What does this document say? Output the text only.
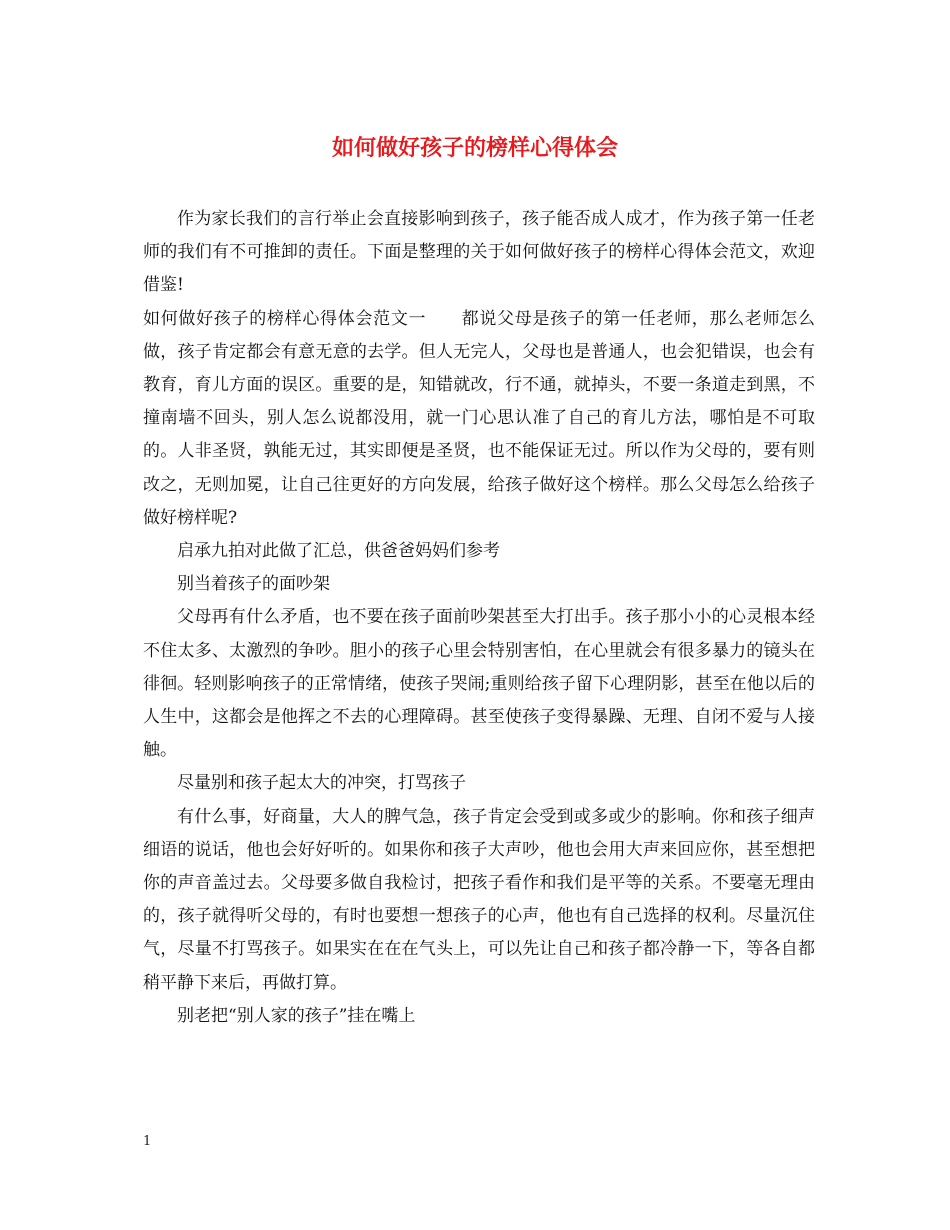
如何做好孩子的榜样心得体会

作为家长我们的言行举止会直接影响到孩子，孩子能否成人成才，作为孩子第一任老师的我们有不可推卸的责任。下面是整理的关于如何做好孩子的榜样心得体会范文，欢迎借鉴!

如何做好孩子的榜样心得体会范文一　　都说父母是孩子的第一任老师，那么老师怎么做，孩子肯定都会有意无意的去学。但人无完人，父母也是普通人，也会犯错误，也会有教育，育儿方面的误区。重要的是，知错就改，行不通，就掉头，不要一条道走到黑，不撞南墙不回头，别人怎么说都没用，就一门心思认准了自己的育儿方法，哪怕是不可取的。人非圣贤，孰能无过，其实即便是圣贤，也不能保证无过。所以作为父母的，要有则改之，无则加冕，让自己往更好的方向发展，给孩子做好这个榜样。那么父母怎么给孩子做好榜样呢?

启承九拍对此做了汇总，供爸爸妈妈们参考

别当着孩子的面吵架

父母再有什么矛盾，也不要在孩子面前吵架甚至大打出手。孩子那小小的心灵根本经不住太多、太激烈的争吵。胆小的孩子心里会特别害怕，在心里就会有很多暴力的镜头在徘徊。轻则影响孩子的正常情绪，使孩子哭闹;重则给孩子留下心理阴影，甚至在他以后的人生中，这都会是他挥之不去的心理障碍。甚至使孩子变得暴躁、无理、自闭不爱与人接触。

尽量别和孩子起太大的冲突，打骂孩子

有什么事，好商量，大人的脾气急，孩子肯定会受到或多或少的影响。你和孩子细声细语的说话，他也会好好听的。如果你和孩子大声吵，他也会用大声来回应你，甚至想把你的声音盖过去。父母要多做自我检讨，把孩子看作和我们是平等的关系。不要毫无理由的，孩子就得听父母的，有时也要想一想孩子的心声，他也有自己选择的权利。尽量沉住气，尽量不打骂孩子。如果实在在在气头上，可以先让自己和孩子都冷静一下，等各自都稍平静下来后，再做打算。

别老把“别人家的孩子”挂在嘴上

1
